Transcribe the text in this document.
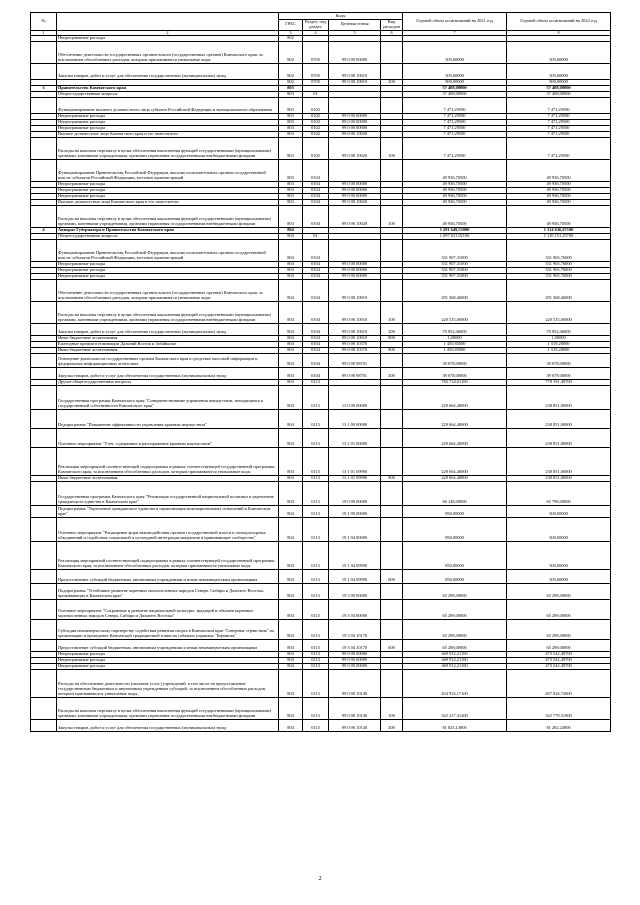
№		Коды				Годовой объем ассигнований на 2021 год	Годовой объем ассигнований на 2022 год
		ГРБС	Раздел, под раздел	Целевая статья	Вид расходов		
1	2	3	4	5	6	7	8
	Непрограммные расходы	802					
	Обеспечение деятельности государственных органов власти (государственных органов) Камчатского края, за исключением обособленных расходов, которым присваиваются уникальные коды	802	0705	99 0 00 00000		500,00000	500,00000
	Закупка товаров, работ и услуг для обеспечения государственных (муниципальных) нужд	802	0705	99 0 00 10010		500,00000	500,00000
		802	0705	99 0 00 10010	200	500,00000	500,00000
3	Правительство Камчатского края	803				57 408,00000	57 408,00000
	Общегосударственные вопросы	803	01			57 408,00000	57 408,00000
	Функционирование высшего должностного лица субъекта Российской Федерации и муниципального образования	803	0102			7 471,29500	7 471,29500
	Непрограммные расходы	803	0102	99 0 00 00000		7 471,29500	7 471,29500
	Непрограммные расходы	803	0102	99 0 00 00000		7 471,29500	7 471,29500
	Непрограммные расходы	803	0102	99 0 00 00000		7 471,29500	7 471,29500
	Высшее должностное лицо Камчатского края и его заместители	803	0102	99 0 00 10020		7 471,29500	7 471,29500
	Расходы на выплаты персоналу в целях обеспечения выполнения функций государственными (муниципальными) органами, казенными учреждениями, органами управления государственными внебюджетными фондами	803	0102	99 0 00 10020	100	7 471,29500	7 471,29500
	Функционирование Правительства Российской Федерации, высших исполнительных органов государственной власти субъектов Российской Федерации, местных администраций	803	0104			49 936,70500	49 936,70500
	Непрограммные расходы	803	0104	99 0 00 00000		49 936,70500	49 936,70500
	Непрограммные расходы	803	0104	99 0 00 00000		49 936,70500	49 936,70500
	Непрограммные расходы	803	0104	99 0 00 00000		49 936,70500	49 936,70500
	Высшие должностные лица Камчатского края и его заместители	803	0104	99 0 00 10020		49 936,70500	49 936,70500
	Расходы на выплаты персоналу в целях обеспечения выполнения функций государственными (муниципальными) органами, казенными учреждениями, органами управления государственными внебюджетными фондами	803	0104	99 0 00 10020	100	49 936,70500	49 936,70500
4	Аппарат Губернатора и Правительства Камчатского края	804				1 291 649,53000	1 314 636,67100
	Общегосударственные вопросы	804	01			1 097 631,92100	1 110 151,25700
	Функционирование Правительства Российской Федерации, высших исполнительных органов государственной власти субъектов Российской Федерации, местных администраций	804	0104			331 907,31000	331 965,76000
	Непрограммные расходы	804	0104	99 0 00 00000		331 907,31000	331 965,76000
	Непрограммные расходы	804	0104	99 0 00 00000		331 907,31000	331 965,76000
	Непрограммные расходы	804	0104	99 0 00 00000		331 907,31000	331 965,76000
	Обеспечение деятельности государственных органов власти (государственных органов) Камчатского края, за исключением обособленных расходов, которым присваиваются уникальные коды	804	0104	99 0 00 10010		291 368,46000	291 368,46000
	Расходы на выплаты персоналу в целях обеспечения выполнения функций государственными (муниципальными) органами, казенными учреждениями, органами управления государственными внебюджетными фондами	804	0104	99 0 00 10010	100	220 515,00000	220 515,00000
	Закупка товаров, работ и услуг для обеспечения государственных (муниципальных) нужд	804	0104	99 0 00 10010	200	70 852,46000	70 852,46000
	Иные бюджетные ассигнования	804	0104	99 0 00 10010	800	1,00000	1,00000
	Ежегодные премии в номинации Дальний Восток и Забайкалье	804	0104	99 0 00 10370		1 450,85000	1 519,28000
	Иные бюджетные ассигнования	804	0104	99 0 00 10370	800	1 450,85000	1 519,28000
	Освещение деятельности государственных органов Камчатского края в средствах массовой информации и федеральных информационных агентствах	804	0104	99 0 00 98701		39 078,00000	39 078,00000
	Закупка товаров, работ и услуг для обеспечения государственных (муниципальных) нужд	804	0104	99 0 00 98701	200	39 078,00000	39 078,00000
	Другие общегосударственные вопросы	804	0113			765 724,61100	778 191,49700
	Государственная программа Камчатского края "Совершенствование управления имуществом, находящимся в государственной собственности Камчатского края"	804	0113	13 0 00 00000		229 664,40000	238 851,00000
	Подпрограмма "Повышение эффективности управления краевым имуществом"	804	0113	13 1 00 00000		229 664,40000	238 851,00000
	Основное мероприятие "Учет, содержание и распоряжение краевым имуществом"	804	0113	13 1 01 00000		229 664,40000	238 851,00000
	Реализация мероприятий соответствующей подпрограммы в рамках соответствующей государственной программы Камчатского края, за исключением обособленных расходов, которым присваиваются уникальные коды	804	0113	13 1 01 09990		229 664,40000	238 851,00000
	Иные бюджетные ассигнования	804	0113	13 1 01 09990	800	229 664,40000	238 851,00000
	Государственная программа Камчатского края "Реализация государственной национальной политики и укрепление гражданского единства в Камчатском крае"	804	0113	19 0 00 00000		66 148,00000	65 798,00000
	Подпрограмма "Укрепление гражданского единства и гармонизация межнациональных отношений в Камчатском крае"	804	0113	19 1 00 00000		850,00000	500,00000
	Основное мероприятие "Расширение форм взаимодействия органов государственной власти и этнокультурных объединений и содействие социальной и культурной интеграции мигрантов в принимающее сообщество"	804	0113	19 1 04 00000		850,00000	500,00000
	Реализация мероприятий соответствующей подпрограммы в рамках соответствующей государственной программы Камчатского края, за исключением обособленных расходов, которым присваиваются уникальные коды	804	0113	19 1 04 09990		850,00000	500,00000
	Предоставление субсидий бюджетным, автономным учреждениям и иным некоммерческим организациям	804	0113	19 1 04 09990	600	850,00000	500,00000
	Подпрограмма "Устойчивое развитие коренных малочисленных народов Севера, Сибири и Дальнего Востока, проживающих в Камчатском крае"	804	0113	19 3 00 00000		65 298,00000	65 298,00000
	Основное мероприятие "Сохранение и развитие национальной культуры, традиций и обычаев коренных малочисленных народов Севера, Сибири и Дальнего Востока"	804	0113	19 3 04 00000		65 298,00000	65 298,00000
	Субсидия некоммерческому партнерству содействия развития спорта в Камчатском крае "Северные странствия" на организацию и проведение Камчатской традиционной гонки на собачьих упряжках "Берингия"	804	0113	19 3 04 10170		65 298,00000	65 298,00000
	Предоставление субсидий бюджетным, автономным учреждениям и иным некоммерческим организациям	804	0113	19 3 04 10170	600	65 298,00000	65 298,00000
	Непрограммные расходы	804	0113	99 0 00 00000		469 912,21100	473 542,49700
	Непрограммные расходы	804	0113	99 0 00 00000		469 912,21100	473 542,49700
	Непрограммные расходы	804	0113	99 0 00 00000		469 912,21100	473 542,49700
	Расходы на обеспечение деятельности (оказание услуг) учреждений, в том числе на предоставление государственным бюджетным и автономным учреждениям субсидий, за исключением обособленных расходов, которым присваиваются уникальные коды	804	0113	99 0 00 10140		454 933,17100	457 024,73600
	Расходы на выплаты персоналу в целях обеспечения выполнения функций государственными (муниципальными) органами, казенными учреждениями, органами управления государственными внебюджетными фондами	804	0113	99 0 00 10140	100	322 217,31400	322 779,51900
	Закупка товаров, работ и услуг для обеспечения государственных (муниципальных) нужд	804	0113	99 0 00 10140	200	81 825,13800	81 202,24900
2
